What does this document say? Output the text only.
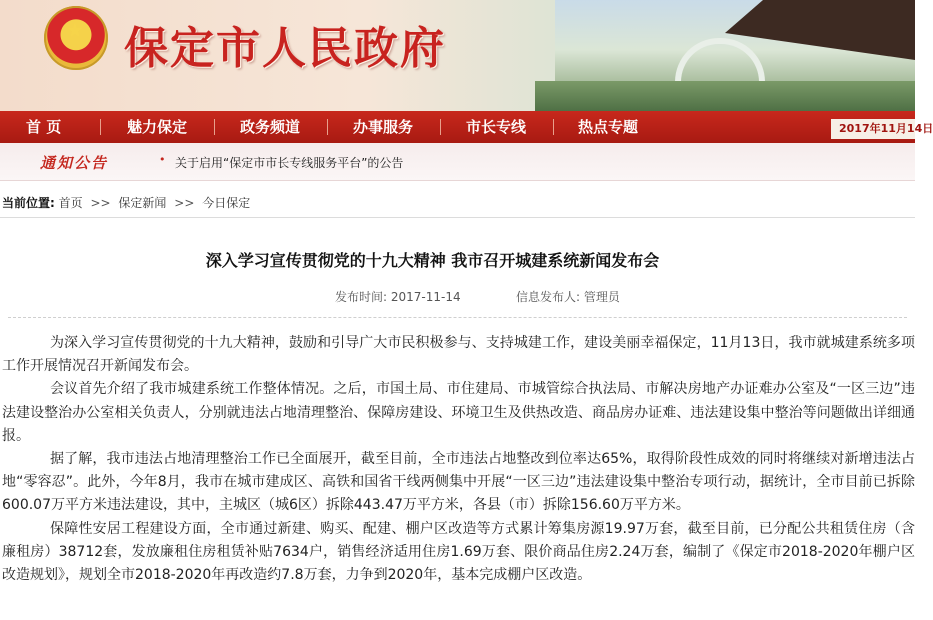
★ 保定市人民政府
首 页	魅力保定	政务频道	办事服务	市长专线	热点专题	2017年11月14日
通知公告	• 关于启用“保定市市长专线服务平台”的公告
当前位置: 首页 >> 保定新闻 >> 今日保定
深入学习宣传贯彻党的十九大精神 我市召开城建系统新闻发布会
发布时间: 2017-11-14	信息发布人: 管理员

为深入学习宣传贯彻党的十九大精神，鼓励和引导广大市民积极参与、支持城建工作，建设美丽幸福保定，11月13日，我市就城建系统多项工作开展情况召开新闻发布会。

会议首先介绍了我市城建系统工作整体情况。之后，市国土局、市住建局、市城管综合执法局、市解决房地产办证难办公室及“一区三边”违法建设整治办公室相关负责人，分别就违法占地清理整治、保障房建设、环境卫生及供热改造、商品房办证难、违法建设集中整治等问题做出详细通报。

据了解，我市违法占地清理整治工作已全面展开，截至目前，全市违法占地整改到位率达65%，取得阶段性成效的同时将继续对新增违法占地“零容忍”。此外，今年8月，我市在城市建成区、高铁和国省干线两侧集中开展“一区三边”违法建设集中整治专项行动，据统计，全市目前已拆除600.07万平方米违法建设，其中，主城区（城6区）拆除443.47万平方米，各县（市）拆除156.60万平方米。

保障性安居工程建设方面，全市通过新建、购买、配建、棚户区改造等方式累计筹集房源19.97万套，截至目前，已分配公共租赁住房（含廉租房）38712套，发放廉租住房租赁补贴7634户，销售经济适用住房1.69万套、限价商品住房2.24万套，编制了《保定市2018-2020年棚户区改造规划》，规划全市2018-2020年再改造约7.8万套，力争到2020年，基本完成棚户区改造。
